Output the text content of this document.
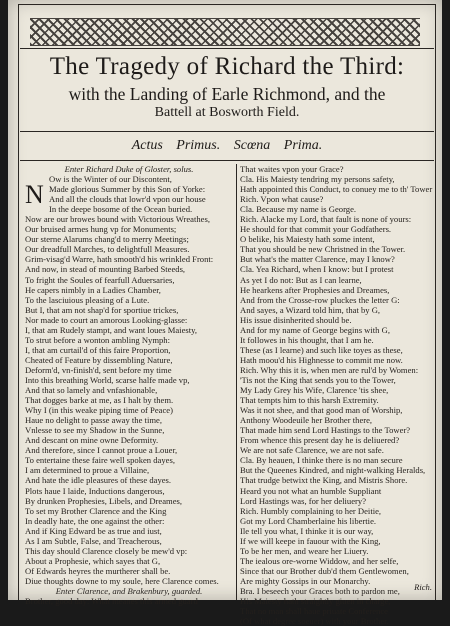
The Tragedy of Richard the Third:
with the Landing of Earle Richmond, and the
Battell at Bosworth Field.
Actus Primus. Scœna Prima.
Enter Richard Duke of Gloster, solus.
Ow is the Winter of our Discontent,
Made glorious Summer by this Son of Yorke:
And all the clouds that lowr'd vpon our house
In the deepe bosome of the Ocean buried.
Now are our browes bound with Victorious Wreathes,
Our bruised armes hung vp for Monuments;
Our sterne Alarums chang'd to merry Meetings;
Our dreadfull Marches, to delightfull Measures.
Grim-visag'd Warre, hath smooth'd his wrinkled Front:
And now, in stead of mounting Barbed Steeds,
To fright the Soules of fearfull Aduersaries,
He capers nimbly in a Ladies Chamber,
To the lasciuious pleasing of a Lute.
But I, that am not shap'd for sportiue trickes,
Nor made to court an amorous Looking-glasse:
I, that am Rudely stampt, and want loues Maiesty,
To strut before a wonton ambling Nymph:
I, that am curtail'd of this faire Proportion,
Cheated of Feature by dissembling Nature,
Deform'd, vn-finish'd, sent before my time
Into this breathing World, scarse halfe made vp,
And that so lamely and vnfashionable,
That dogges barke at me, as I halt by them.
Why I (in this weake piping time of Peace)
Haue no delight to passe away the time,
Vnlesse to see my Shadow in the Sunne,
And descant on mine owne Deformity.
And therefore, since I cannot proue a Louer,
To entertaine these faire well spoken dayes,
I am determined to proue a Villaine,
And hate the idle pleasures of these dayes.
Plots haue I laide, Inductions dangerous,
By drunken Prophesies, Libels, and Dreames,
To set my Brother Clarence and the King
In deadly hate, the one against the other:
And if King Edward be as true and iust,
As I am Subtle, False, and Treacherous,
This day should Clarence closely be mew'd vp:
About a Prophesie, which sayes that G,
Of Edwards heyres the murtherer shall be.
Diue thoughts downe to my soule, here Clarence comes.
Enter Clarence, and Brakenbury, guarded.
Brother, good day: What meanes this armed guard
N
That waites vpon your Grace?
Cla. His Maiesty tendring my persons safety,
Hath appointed this Conduct, to conuey me to th' Tower
Rich. Vpon what cause?
Cla. Because my name is George.
Rich. Alacke my Lord, that fault is none of yours:
He should for that commit your Godfathers.
O belike, his Maiesty hath some intent,
That you should be new Christned in the Tower.
But what's the matter Clarence, may I know?
Cla. Yea Richard, when I know: but I protest
As yet I do not: But as I can learne,
He hearkens after Prophesies and Dreames,
And from the Crosse-row pluckes the letter G:
And sayes, a Wizard told him, that by G,
His issue disinherited should be.
And for my name of George begins with G,
It followes in his thought, that I am he.
These (as I learne) and such like toyes as these,
Hath moou'd his Highnesse to commit me now.
Rich. Why this it is, when men are rul'd by Women:
'Tis not the King that sends you to the Tower,
My Lady Grey his Wife, Clarence 'tis shee,
That tempts him to this harsh Extremity.
Was it not shee, and that good man of Worship,
Anthony Woodeuile her Brother there,
That made him send Lord Hastings to the Tower?
From whence this present day he is deliuered?
We are not safe Clarence, we are not safe.
Cla. By heauen, I thinke there is no man secure
But the Queenes Kindred, and night-walking Heralds,
That trudge betwixt the King, and Mistris Shore.
Heard you not what an humble Suppliant
Lord Hastings was, for her deliuery?
Rich. Humbly complaining to her Deitie,
Got my Lord Chamberlaine his libertie.
Ile tell you what, I thinke it is our way,
If we will keepe in fauour with the King,
To be her men, and weare her Liuery.
The iealous ore-worne Widdow, and her selfe,
Since that our Brother dub'd them Gentlewomen,
Are mighty Gossips in our Monarchy.
Bra. I beseech your Graces both to pardon me,
His Maiesty hath straightly giuen in charge,
That no man shall haue priuate Conference
(Of what degree soeuer) with your Brother.
Rich.
